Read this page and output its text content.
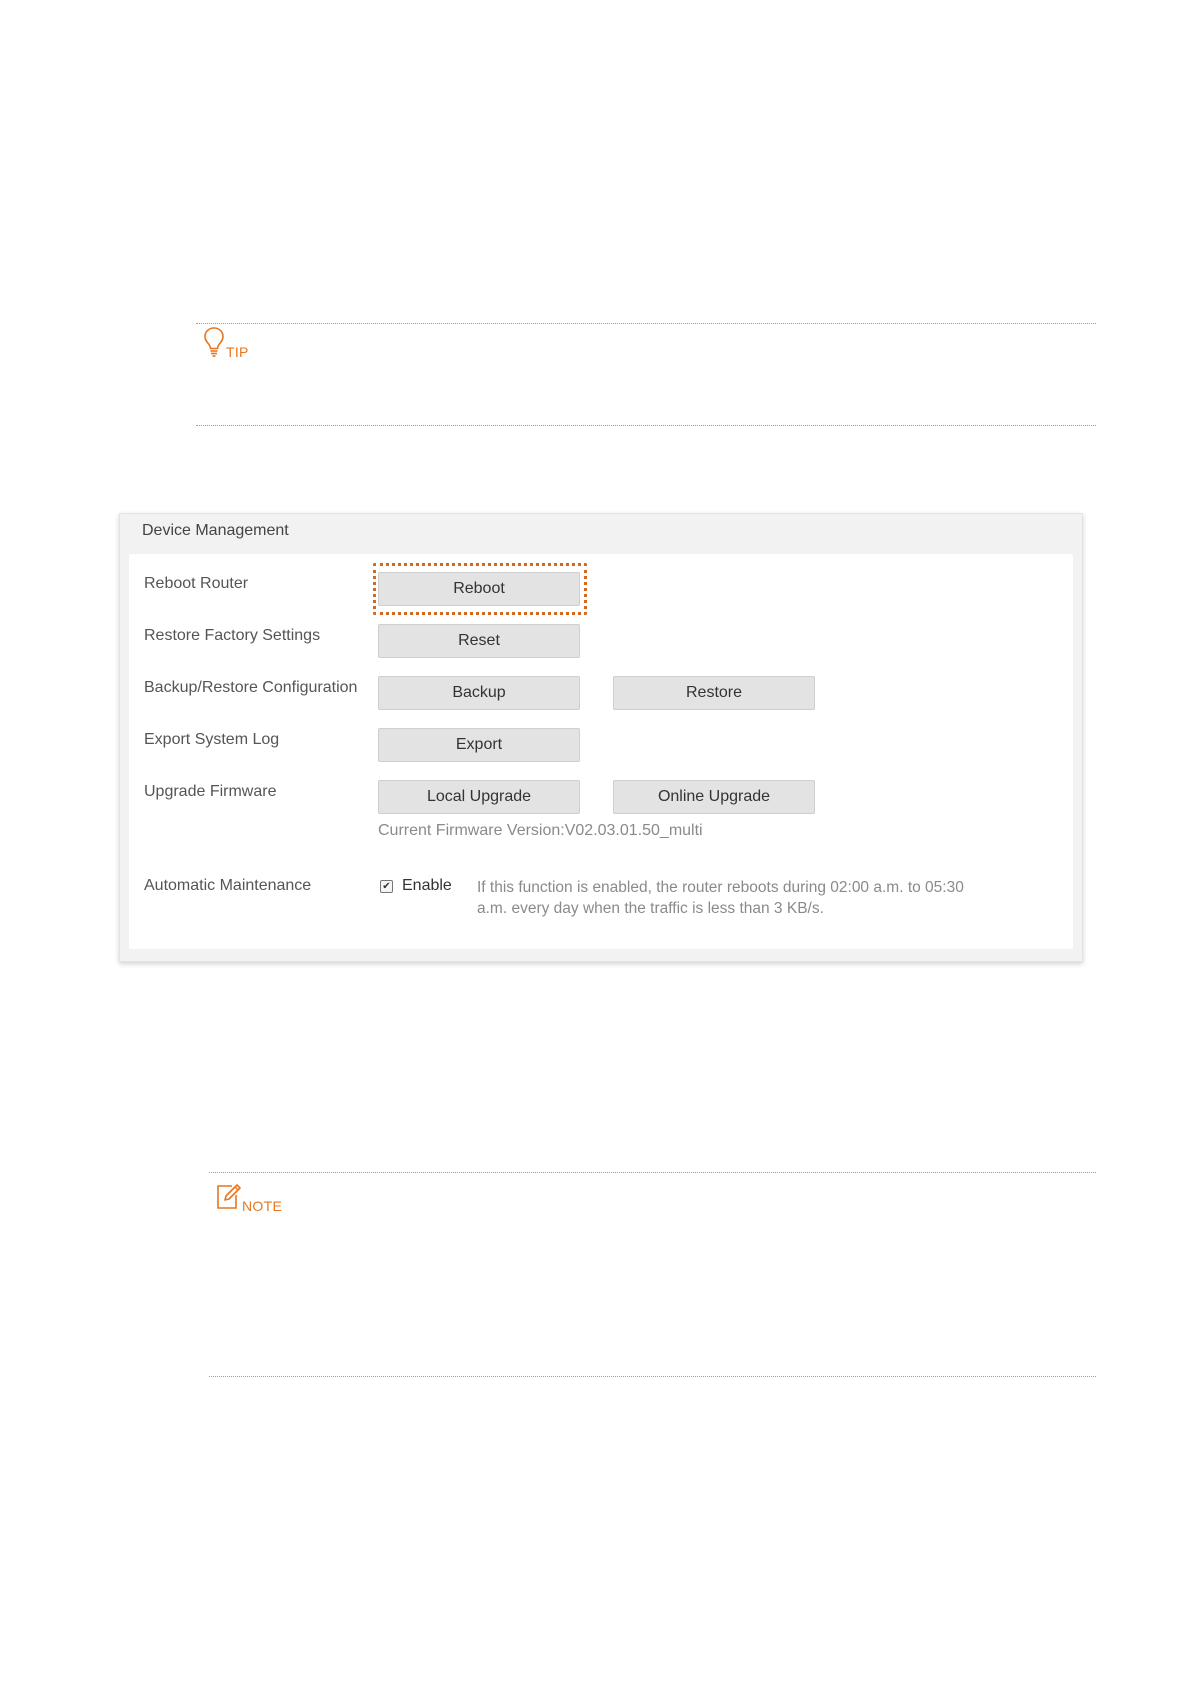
TIP
Device Management
Reboot Router	Reboot
Restore Factory Settings	Reset
Backup/Restore Configuration	Backup	Restore
Export System Log	Export
Upgrade Firmware	Local Upgrade	Online Upgrade
Current Firmware Version:V02.03.01.50_multi
Automatic Maintenance	✔ Enable If this function is enabled, the router reboots during 02:00 a.m. to 05:30 a.m. every day when the traffic is less than 3 KB/s.
NOTE
